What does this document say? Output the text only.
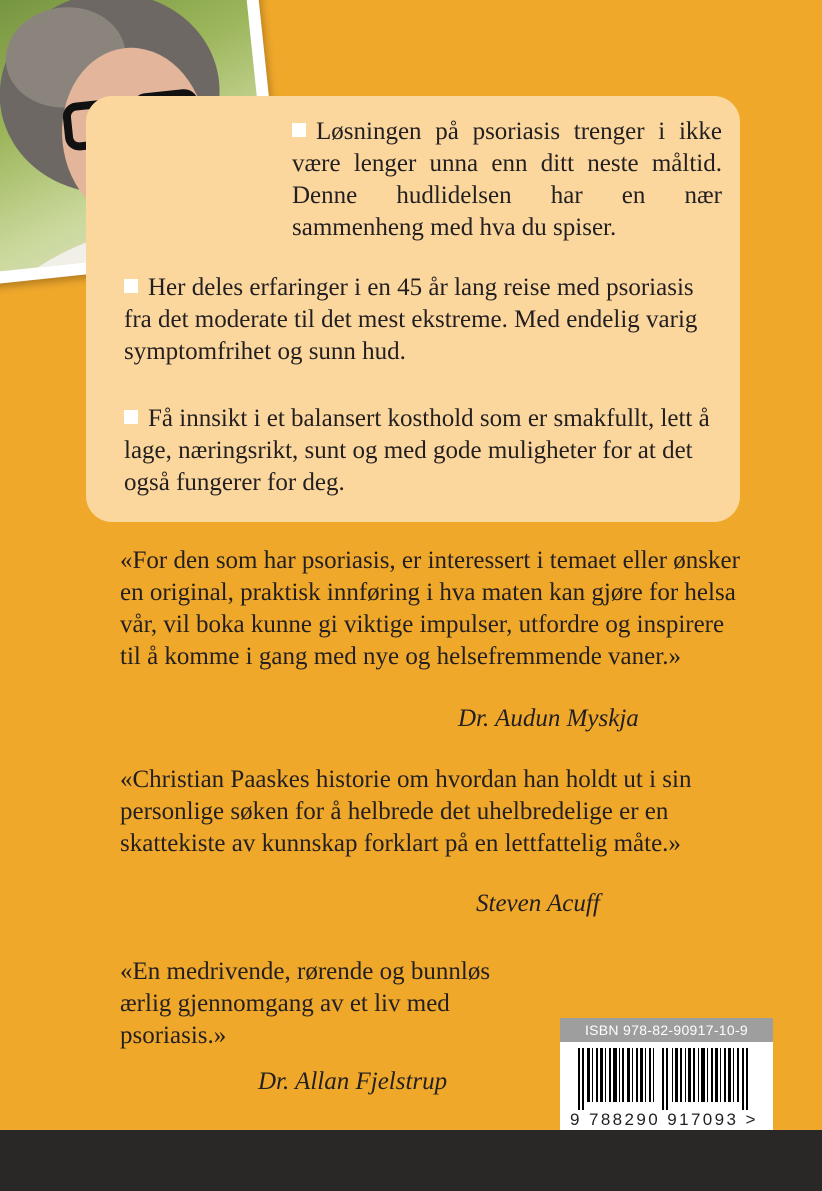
Løsningen på psoriasis trenger i ikke være lenger unna enn ditt neste måltid. Denne hudlidelsen har en nær sammenheng med hva du spiser.

Her deles erfaringer i en 45 år lang reise med psoriasis fra det moderate til det mest ekstreme. Med endelig varig symptomfrihet og sunn hud.

Få innsikt i et balansert kosthold som er smakfullt, lett å lage, næringsrikt, sunt og med gode muligheter for at det også fungerer for deg.

«For den som har psoriasis, er interessert i temaet eller ønsker en original, praktisk innføring i hva maten kan gjøre for helsa vår, vil boka kunne gi viktige impulser, utfordre og inspirere til å komme i gang med nye og helsefremmende vaner.»

Dr. Audun Myskja

«Christian Paaskes historie om hvordan han holdt ut i sin personlige søken for å helbrede det uhelbredelige er en skattekiste av kunnskap forklart på en lettfattelig måte.»

Steven Acuff

«En medrivende, rørende og bunnløs ærlig gjennomgang av et liv med psoriasis.»

Dr. Allan Fjelstrup
ISBN 978-82-90917-10-9
9 788290 917093 >
